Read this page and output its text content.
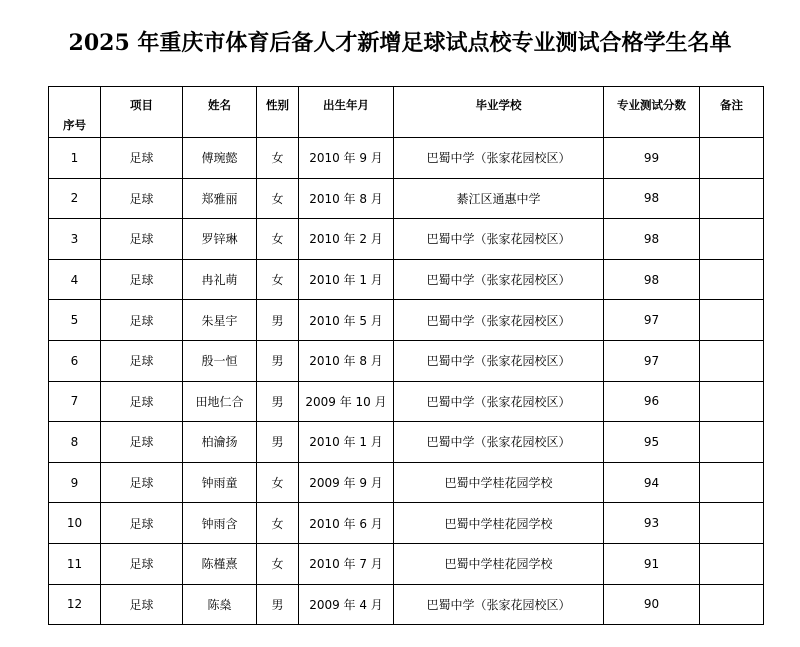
2025 年重庆市体育后备人才新增足球试点校专业测试合格学生名单
序号	项目	姓名	性别	出生年月	毕业学校	专业测试分数	备注
1	足球	傅琬懿	女	2010 年 9 月	巴蜀中学（张家花园校区）	99	
2	足球	郑雅丽	女	2010 年 8 月	綦江区通惠中学	98	
3	足球	罗锌琳	女	2010 年 2 月	巴蜀中学（张家花园校区）	98	
4	足球	冉礼萌	女	2010 年 1 月	巴蜀中学（张家花园校区）	98	
5	足球	朱星宇	男	2010 年 5 月	巴蜀中学（张家花园校区）	97	
6	足球	殷一恒	男	2010 年 8 月	巴蜀中学（张家花园校区）	97	
7	足球	田地仁合	男	2009 年 10 月	巴蜀中学（张家花园校区）	96	
8	足球	柏瀹扬	男	2010 年 1 月	巴蜀中学（张家花园校区）	95	
9	足球	钟雨童	女	2009 年 9 月	巴蜀中学桂花园学校	94	
10	足球	钟雨含	女	2010 年 6 月	巴蜀中学桂花园学校	93	
11	足球	陈槿熹	女	2010 年 7 月	巴蜀中学桂花园学校	91	
12	足球	陈燊	男	2009 年 4 月	巴蜀中学（张家花园校区）	90	
